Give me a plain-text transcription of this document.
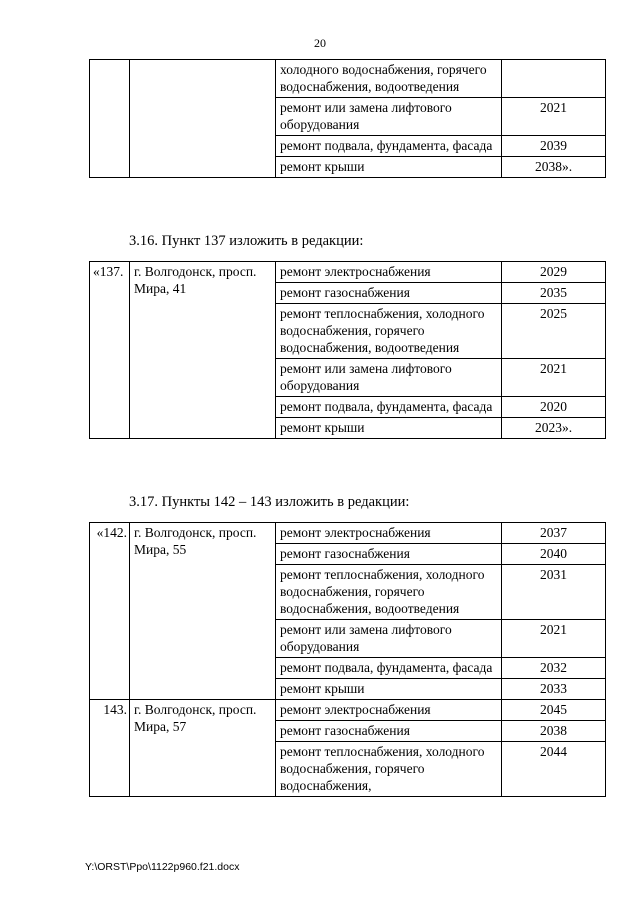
20
		холодного водоснабжения, горячего водоснабжения, водоотведения	
		ремонт или замена лифтового оборудования	2021
		ремонт подвала, фундамента, фасада	2039
		ремонт крыши	2038».
3.16. Пункт 137 изложить в редакции:
«137.	г. Волгодонск, просп. Мира, 41	ремонт электроснабжения	2029
		ремонт газоснабжения	2035
		ремонт теплоснабжения, холодного водоснабжения, горячего водоснабжения, водоотведения	2025
		ремонт или замена лифтового оборудования	2021
		ремонт подвала, фундамента, фасада	2020
		ремонт крыши	2023».
3.17. Пункты 142 – 143 изложить в редакции:
«142.	г. Волгодонск, просп. Мира, 55	ремонт электроснабжения	2037
		ремонт газоснабжения	2040
		ремонт теплоснабжения, холодного водоснабжения, горячего водоснабжения, водоотведения	2031
		ремонт или замена лифтового оборудования	2021
		ремонт подвала, фундамента, фасада	2032
		ремонт крыши	2033
143.	г. Волгодонск, просп. Мира, 57	ремонт электроснабжения	2045
		ремонт газоснабжения	2038
		ремонт теплоснабжения, холодного водоснабжения, горячего водоснабжения,	2044
Y:\ORST\Ppo\1122p960.f21.docx
